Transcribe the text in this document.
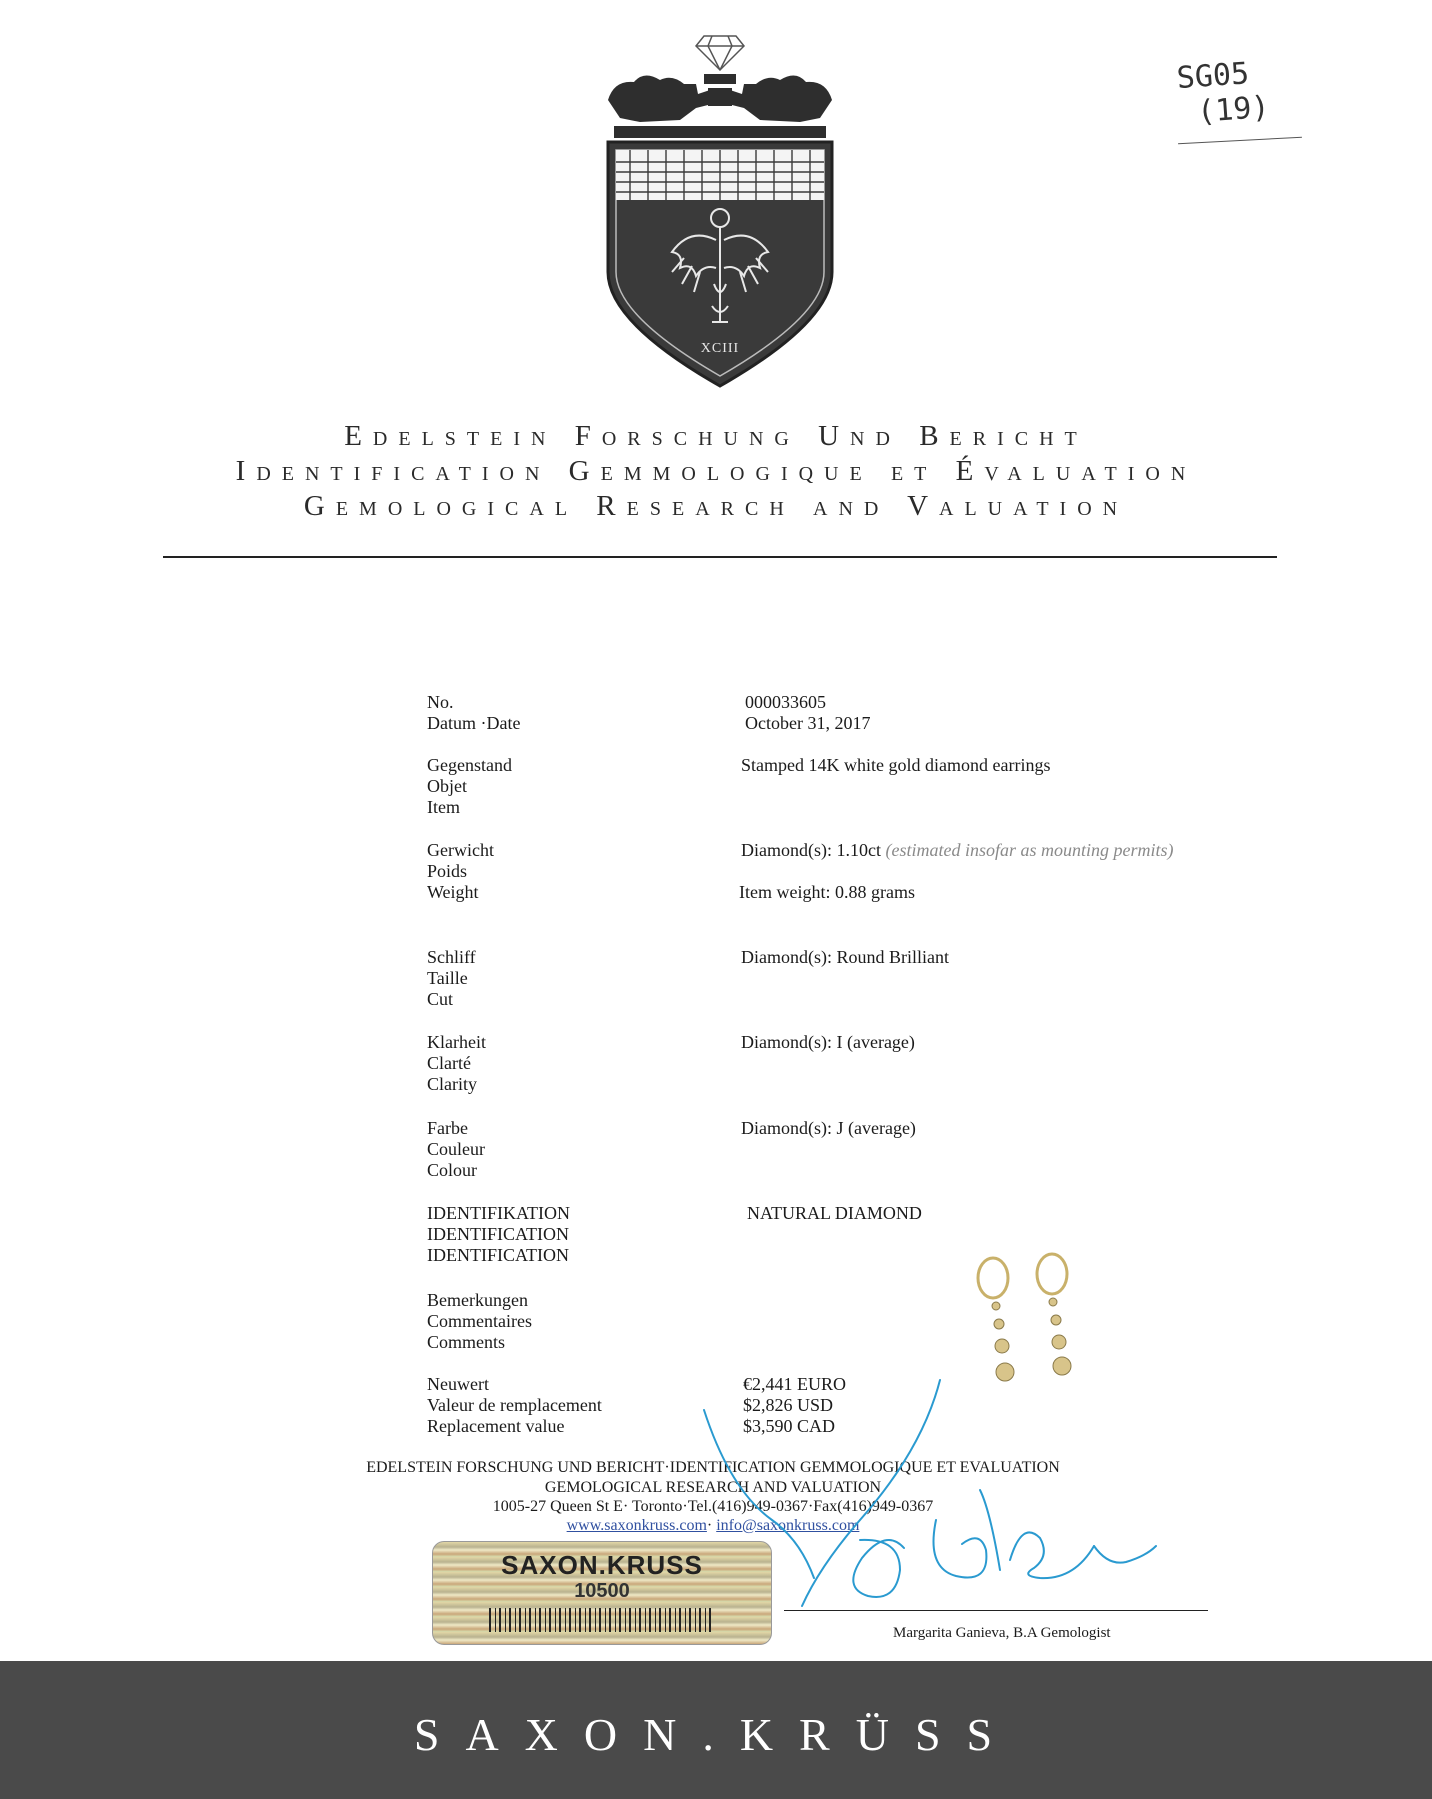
SG05
(19)
XCIII
Edelstein Forschung Und Bericht
Identification Gemmologique et Évaluation
Gemological Research and Valuation
No.
Datum ·Date
000033605
October 31, 2017
Gegenstand
Objet
Item
Stamped 14K white gold diamond earrings
Gerwicht
Poids
Weight
Diamond(s): 1.10ct (estimated insofar as mounting permits)
Item weight: 0.88 grams
Schliff
Taille
Cut
Diamond(s): Round Brilliant
Klarheit
Clarté
Clarity
Diamond(s): I (average)
Farbe
Couleur
Colour
Diamond(s): J (average)
IDENTIFIKATION
IDENTIFICATION
IDENTIFICATION
NATURAL DIAMOND
Bemerkungen
Commentaires
Comments
Neuwert
Valeur de remplacement
Replacement value
€2,441 EURO
$2,826 USD
$3,590 CAD
EDELSTEIN FORSCHUNG UND BERICHT·IDENTIFICATION GEMMOLOGIQUE ET EVALUATION
GEMOLOGICAL RESEARCH AND VALUATION
1005-27 Queen St E· Toronto·Tel.(416)949-0367·Fax(416)949-0367
www.saxonkruss.com· info@saxonkruss.com
SAXON.KRUSS
10500
Margarita Ganieva, B.A Gemologist
SAXON.KRÜSS
